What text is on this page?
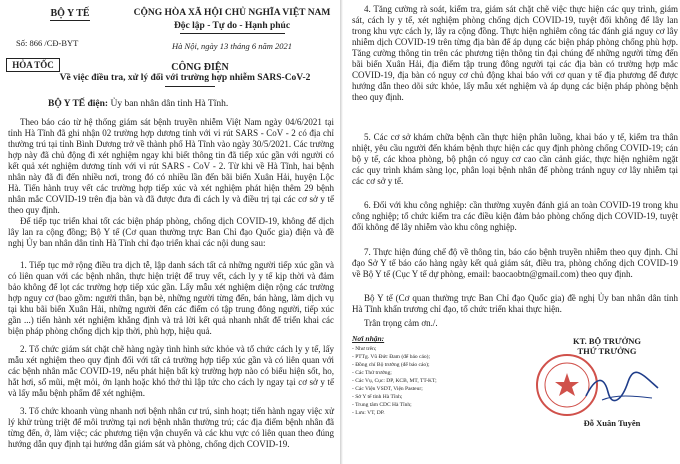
BỘ Y TẾ
Số: 866 /CĐ-BYT
HỎA TỐC
CỘNG HÒA XÃ HỘI CHỦ NGHĨA VIỆT NAM
Độc lập - Tự do - Hạnh phúc
Hà Nội, ngày 13 tháng 6 năm 2021
CÔNG ĐIỆN
Về việc điều tra, xử lý đối với trường hợp nhiễm SARS-CoV-2
BỘ Y TẾ điện: Ủy ban nhân dân tỉnh Hà Tĩnh.

Theo báo cáo từ hệ thống giám sát bệnh truyền nhiễm Việt Nam ngày 04/6/2021 tại tỉnh Hà Tĩnh đã ghi nhận 02 trường hợp dương tính với vi rút SARS - CoV - 2 có địa chỉ thường trú tại tỉnh Bình Dương trở về thành phố Hà Tĩnh vào ngày 30/5/2021. Các trường hợp này đã chủ động đi xét nghiệm ngay khi biết thông tin đã tiếp xúc gần với người có kết quả xét nghiệm dương tính với vi rút SARS - CoV - 2. Từ khi về Hà Tĩnh, hai bệnh nhân này đã đi đến nhiều nơi, trong đó có nhiều lần đến bãi biển Xuân Hải, huyện Lộc Hà. Tiến hành truy vết các trường hợp tiếp xúc và xét nghiệm phát hiện thêm 29 bệnh nhân mắc COVID-19 trên địa bàn và đã được đưa đi cách ly và điều trị tại các cơ sở y tế theo quy định.

Để tiếp tục triển khai tốt các biện pháp phòng, chống dịch COVID-19, không để dịch lây lan ra cộng đồng; Bộ Y tế (Cơ quan thường trực Ban Chỉ đạo Quốc gia) điện và đề nghị Ủy ban nhân dân tỉnh Hà Tĩnh chỉ đạo triển khai các nội dung sau:

1. Tiếp tục mở rộng điều tra dịch tễ, lập danh sách tất cả những người tiếp xúc gần và có liên quan với các bệnh nhân, thực hiện triệt để truy vết, cách ly y tế kịp thời và đảm bảo không để lọt các trường hợp tiếp xúc gần. Lấy mẫu xét nghiệm diện rộng các trường hợp nguy cơ (bao gồm: người thân, bạn bè, những người từng đến, bán hàng, làm dịch vụ tại khu bãi biển Xuân Hải, những người đến các điểm có tập trung đông người, tiếp xúc gần ...) tiến hành xét nghiệm khẳng định và trả lời kết quả nhanh nhất để triển khai các biện pháp phòng chống dịch kịp thời, phù hợp, hiệu quả.

2. Tổ chức giám sát chặt chẽ hàng ngày tình hình sức khỏe và tổ chức cách ly y tế, lấy mẫu xét nghiệm theo quy định đối với tất cả trường hợp tiếp xúc gần và có liên quan với các bệnh nhân mắc COVID-19, nếu phát hiện bất kỳ trường hợp nào có biểu hiện sốt, ho, hắt hơi, sổ mũi, mệt mỏi, ớn lạnh hoặc khó thở thì lập tức cho cách ly ngay tại cơ sở y tế và lấy mẫu bệnh phẩm để xét nghiệm.

3. Tổ chức khoanh vùng nhanh nơi bệnh nhân cư trú, sinh hoạt; tiến hành ngay việc xử lý khử trùng triệt để môi trường tại nơi bệnh nhân thường trú; các địa điểm bệnh nhân đã từng đến, ở, làm việc; các phương tiện vận chuyển và các khu vực có liên quan theo đúng hướng dẫn quy định tại hướng dẫn giám sát và phòng, chống dịch COVID-19.

4. Tăng cường rà soát, kiểm tra, giám sát chặt chẽ việc thực hiện các quy trình, giám sát, cách ly y tế, xét nghiệm phòng chống dịch COVID-19, tuyệt đối không để lây lan trong khu vực cách ly, lây ra cộng đồng. Thực hiện nghiêm công tác đánh giá nguy cơ lây nhiễm dịch COVID-19 trên từng địa bàn để áp dụng các biện pháp phòng chống phù hợp. Tăng cường thông tin trên các phương tiện thông tin đại chúng để những người từng đến bãi biển Xuân Hải, địa điểm tập trung đông người tại các địa bàn có trường hợp mắc COVID-19, địa bàn có nguy cơ chủ động khai báo với cơ quan y tế địa phương để được hướng dẫn theo dõi sức khỏe, lấy mẫu xét nghiệm và áp dụng các biện pháp phòng bệnh theo quy định.

5. Các cơ sở khám chữa bệnh cần thực hiện phân luồng, khai báo y tế, kiểm tra thân nhiệt, yêu cầu người đến khám bệnh thực hiện các quy định phòng chống COVID-19; cán bộ y tế, các khoa phòng, bộ phận có nguy cơ cao cần cảnh giác, thực hiện nghiêm ngặt các quy trình khám sàng lọc, phân loại bệnh nhân để phòng tránh nguy cơ lây nhiễm tại các cơ sở y tế.

6. Đối với khu công nghiệp: cần thường xuyên đánh giá an toàn COVID-19 trong khu công nghiệp; tổ chức kiểm tra các điều kiện đảm bảo phòng chống dịch COVID-19, tuyệt đối không để lây nhiễm vào khu công nghiệp.

7. Thực hiện đúng chế độ về thông tin, báo cáo bệnh truyền nhiễm theo quy định. Chỉ đạo Sở Y tế báo cáo hàng ngày kết quả giám sát, điều tra, phòng chống dịch COVID-19 về Bộ Y tế (Cục Y tế dự phòng, email: baocaobtn@gmail.com) theo quy định.

Bộ Y tế (Cơ quan thường trực Ban Chỉ đạo Quốc gia) đề nghị Ủy ban nhân dân tỉnh Hà Tĩnh khẩn trương chỉ đạo, tổ chức triển khai thực hiện.

Trân trọng cảm ơn./.
Nơi nhận:
- Như trên;
- PTTg. Vũ Đức Đam (để báo cáo);
- Đồng chí Bộ trưởng (để báo cáo);
- Các Thứ trưởng;
- Các Vụ, Cục: DP, KCB, MT, TT-KT;
- Các Viện VSDT, Viện Pasteur;
- Sở Y tế tỉnh Hà Tĩnh;
- Trung tâm CDC Hà Tĩnh;
- Lưu: VT, DP.
KT. BỘ TRƯỞNG
THỨ TRƯỞNG
Đỗ Xuân Tuyên
